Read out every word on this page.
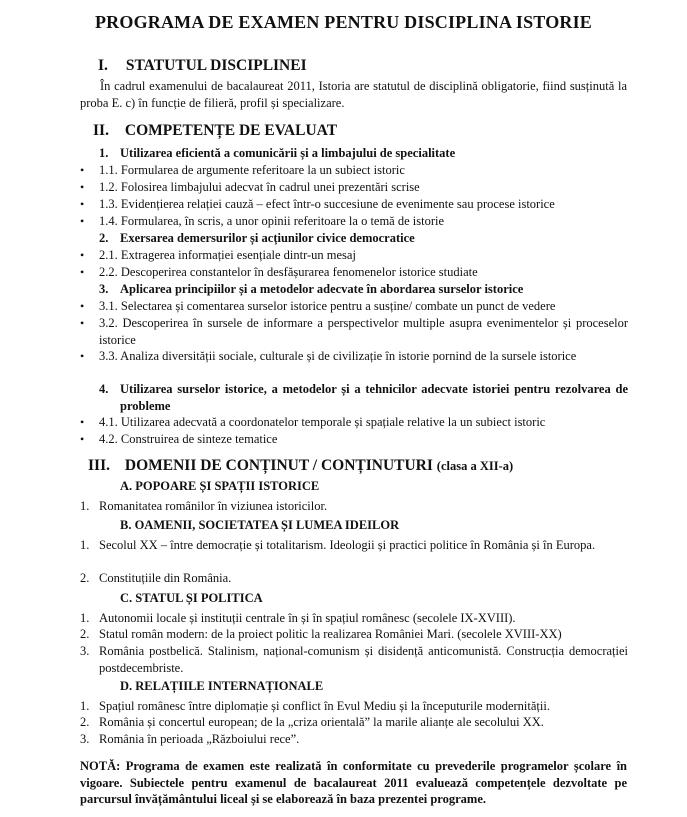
PROGRAMA DE EXAMEN PENTRU DISCIPLINA ISTORIE
I. STATUTUL DISCIPLINEI
În cadrul examenului de bacalaureat 2011, Istoria are statutul de disciplină obligatorie, fiind susținută la proba E. c) în funcție de filieră, profil și specializare.
II. COMPETENȚE DE EVALUAT
1. Utilizarea eficientă a comunicării și a limbajului de specialitate
•	1.1. Formularea de argumente referitoare la un subiect istoric
•	1.2. Folosirea limbajului adecvat în cadrul unei prezentări scrise
•	1.3. Evidențierea relației cauză – efect într-o succesiune de evenimente sau procese istorice
•	1.4. Formularea, în scris, a unor opinii referitoare la o temă de istorie
2. Exersarea demersurilor și acțiunilor civice democratice
•	2.1. Extragerea informației esențiale dintr-un mesaj
•	2.2. Descoperirea constantelor în desfășurarea fenomenelor istorice studiate
3. Aplicarea principiilor și a metodelor adecvate în abordarea surselor istorice
•	3.1. Selectarea și comentarea surselor istorice pentru a susține/ combate un punct de vedere
•	3.2. Descoperirea în sursele de informare a perspectivelor multiple asupra evenimentelor și proceselor istorice
•	3.3. Analiza diversității sociale, culturale și de civilizație în istorie pornind de la sursele istorice
4. Utilizarea surselor istorice, a metodelor și a tehnicilor adecvate istoriei pentru rezolvarea de probleme
•	4.1. Utilizarea adecvată a coordonatelor temporale și spațiale relative la un subiect istoric
•	4.2. Construirea de sinteze tematice
III. DOMENII DE CONȚINUT / CONȚINUTURI (clasa a XII-a)
A. POPOARE ȘI SPAȚII ISTORICE
1. Romanitatea românilor în viziunea istoricilor.
B. OAMENII, SOCIETATEA ȘI LUMEA IDEILOR
1. Secolul XX – între democrație și totalitarism. Ideologii și practici politice în România și în Europa.
2. Constituțiile din România.
C. STATUL ȘI POLITICA
1. Autonomii locale și instituții centrale în și în spațiul românesc (secolele IX-XVIII).
2. Statul român modern: de la proiect politic la realizarea României Mari. (secolele XVIII-XX)
3. România postbelică. Stalinism, național-comunism și disidență anticomunistă. Construcția democrației postdecembriste.
D. RELAȚIILE INTERNAȚIONALE
1. Spațiul românesc între diplomație și conflict în Evul Mediu și la începuturile modernității.
2. România și concertul european; de la „criza orientală” la marile alianțe ale secolului XX.
3. România în perioada „Războiului rece”.
NOTĂ: Programa de examen este realizată în conformitate cu prevederile programelor școlare în vigoare. Subiectele pentru examenul de bacalaureat 2011 evaluează competențele dezvoltate pe parcursul învățământului liceal și se elaborează în baza prezentei programe.
